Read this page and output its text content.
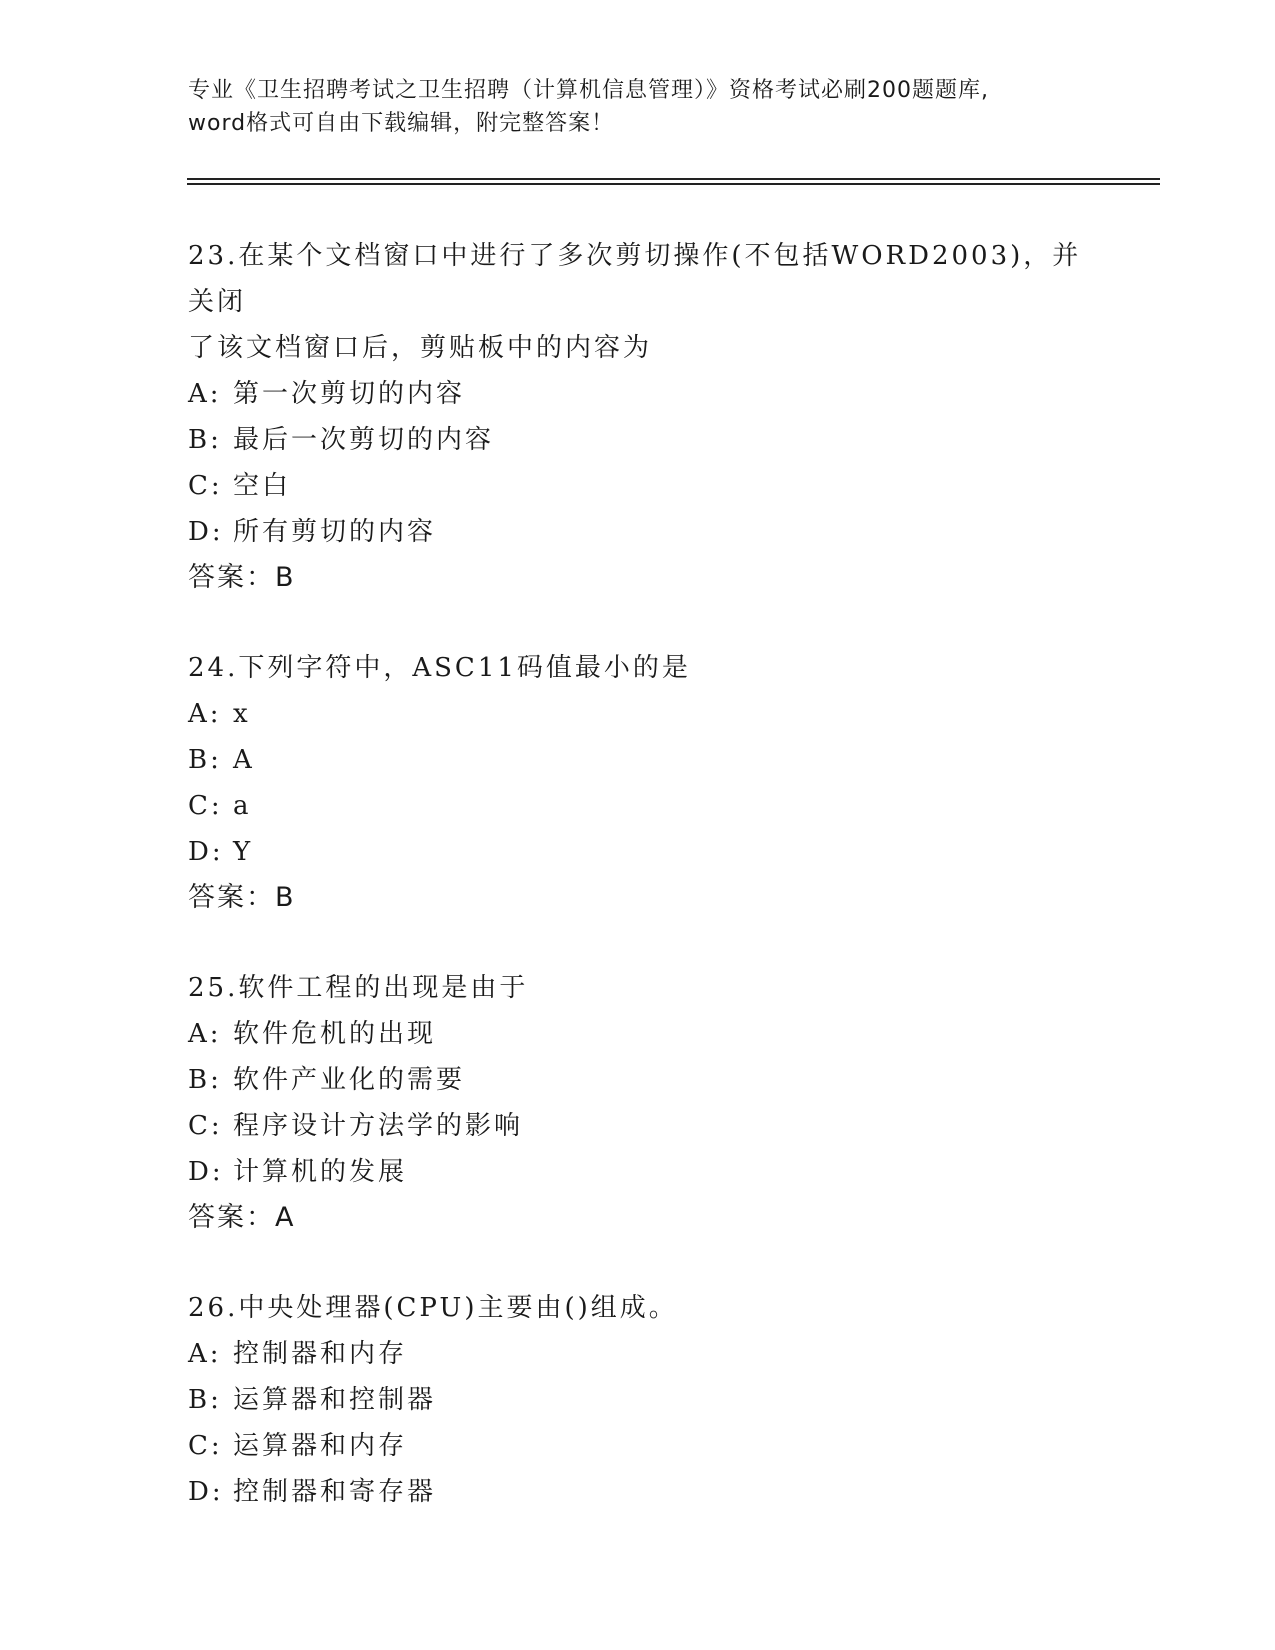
专业《卫生招聘考试之卫生招聘（计算机信息管理）》资格考试必刷200题题库,
word格式可自由下载编辑，附完整答案！
23.在某个文档窗口中进行了多次剪切操作(不包括WORD2003)，并关闭
了该文档窗口后，剪贴板中的内容为
A: 第一次剪切的内容
B: 最后一次剪切的内容
C: 空白
D: 所有剪切的内容
答案：B
24.下列字符中，ASC11码值最小的是
A: x
B: A
C: a
D: Y
答案：B
25.软件工程的出现是由于
A: 软件危机的出现
B: 软件产业化的需要
C: 程序设计方法学的影响
D: 计算机的发展
答案：A
26.中央处理器(CPU)主要由()组成。
A: 控制器和内存
B: 运算器和控制器
C: 运算器和内存
D: 控制器和寄存器
